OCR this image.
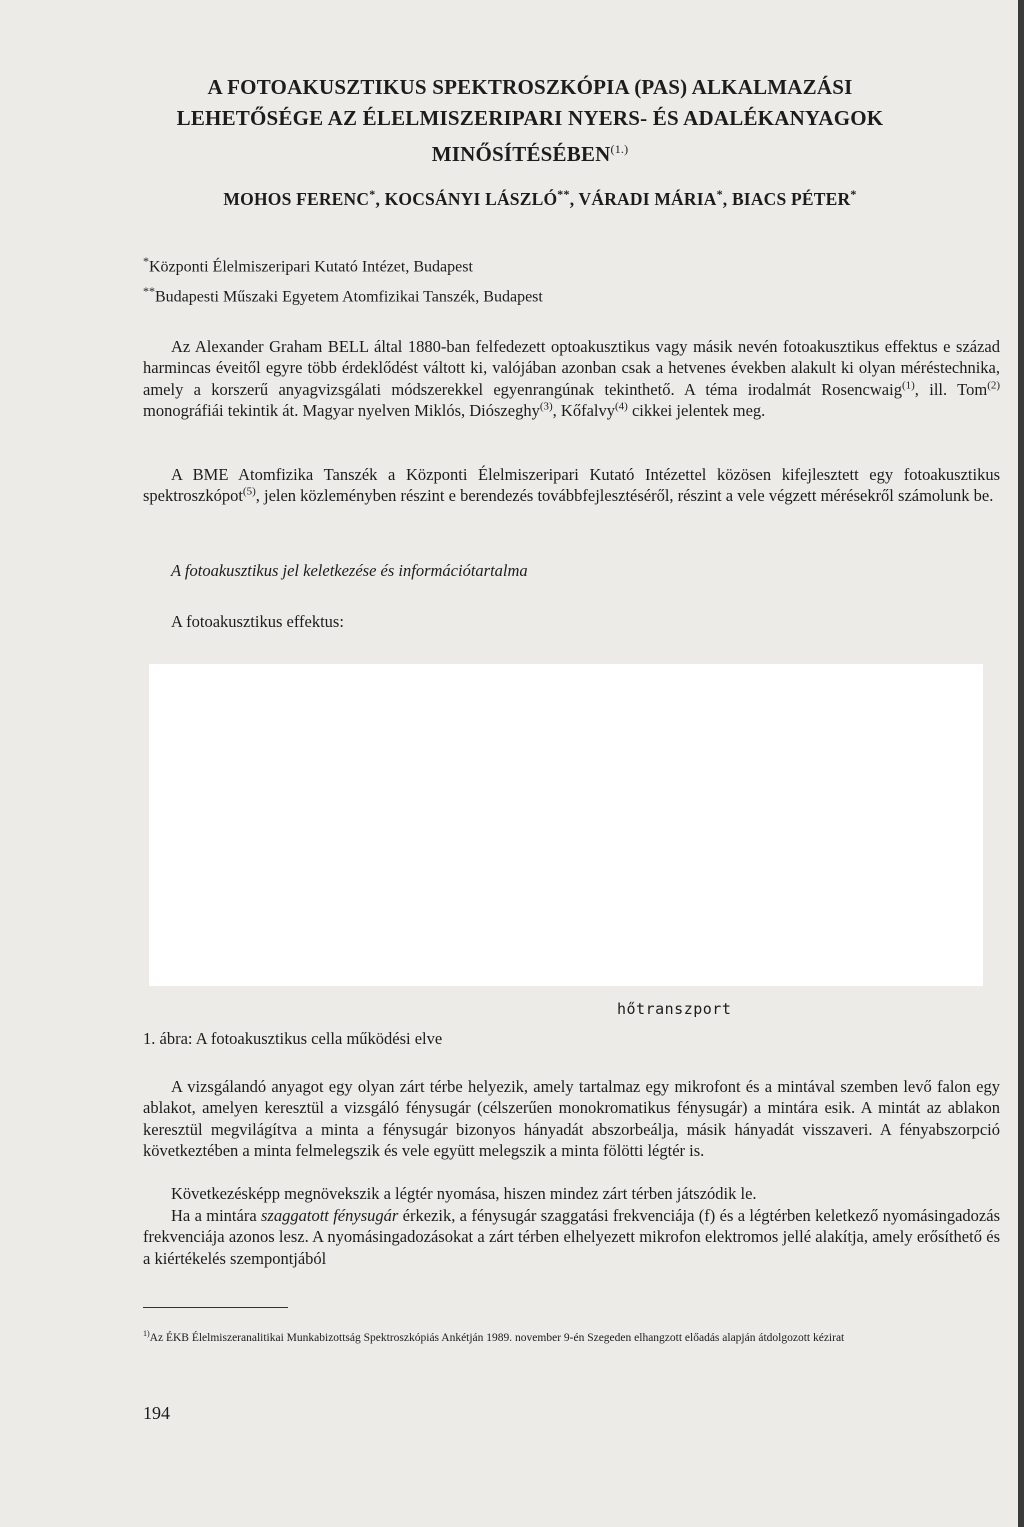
A FOTOAKUSZTIKUS SPEKTROSZKÓPIA (PAS) ALKALMAZÁSI
LEHETŐSÉGE AZ ÉLELMISZERIPARI NYERS- ÉS ADALÉKANYAGOK
$MINŐSÍTÉSÉBEN^{(1.)}$
MOHOS FERENC*, KOCSÁNYI LÁSZLÓ**, VÁRADI MÁRIA*, BIACS PÉTER*
*Központi Élelmiszeripari Kutató Intézet, Budapest
**Budapesti Műszaki Egyetem Atomfizikai Tanszék, Budapest
Az Alexander Graham BELL által 1880-ban felfedezett optoakusztikus vagy másik nevén fotoakusztikus effektus e század harmincas éveitől egyre több érdeklődést váltott ki, valójában azonban csak a hetvenes években alakult ki olyan méréstechnika, amely a korszerű anyagvizsgálati módszerekkel egyenrangúnak tekinthető. A téma irodalmát Rosencwaig$^{(1)}$, ill. Tom$^{(2)}$ monográfiái tekintik át. Magyar nyelven Miklós, Diószeghy$^{(3)}$, Kőfalvy$^{(4)}$ cikkei jelentek meg.
A BME Atomfizika Tanszék a Központi Élelmiszeripari Kutató Intézettel közösen kifejlesztett egy fotoakusztikus spektroszkópot$^{(5)}$, jelen közleményben részint e berendezés továbbfejlesztéséről, részint a vele végzett mérésekről számolunk be.
A fotoakusztikus jel keletkezése és információtartalma
A fotoakusztikus effektus:
hőtranszport
1. ábra: A fotoakusztikus cella működési elve
A vizsgálandó anyagot egy olyan zárt térbe helyezik, amely tartalmaz egy mikrofont és a mintával szemben levő falon egy ablakot, amelyen keresztül a vizsgáló fénysugár (célszerűen monokromatikus fénysugár) a mintára esik. A mintát az ablakon keresztül megvilágítva a minta a fénysugár bizonyos hányadát abszorbeálja, másik hányadát visszaveri. A fényabszorpció következtében a minta felmelegszik és vele együtt melegszik a minta fölötti légtér is.
Következésképp megnövekszik a légtér nyomása, hiszen mindez zárt térben játszódik le.
Ha a mintára szaggatott fénysugár érkezik, a fénysugár szaggatási frekvenciája (f) és a légtérben keletkező nyomásingadozás frekvenciája azonos lesz. A nyomásingadozásokat a zárt térben elhelyezett mikrofon elektromos jellé alakítja, amely erősíthető és a kiértékelés szempontjából
$^{1)}$Az ÉKB Élelmiszeranalitikai Munkabizottság Spektroszkópiás Ankétján 1989. november 9-én Szegeden elhangzott előadás alapján átdolgozott kézirat
194
